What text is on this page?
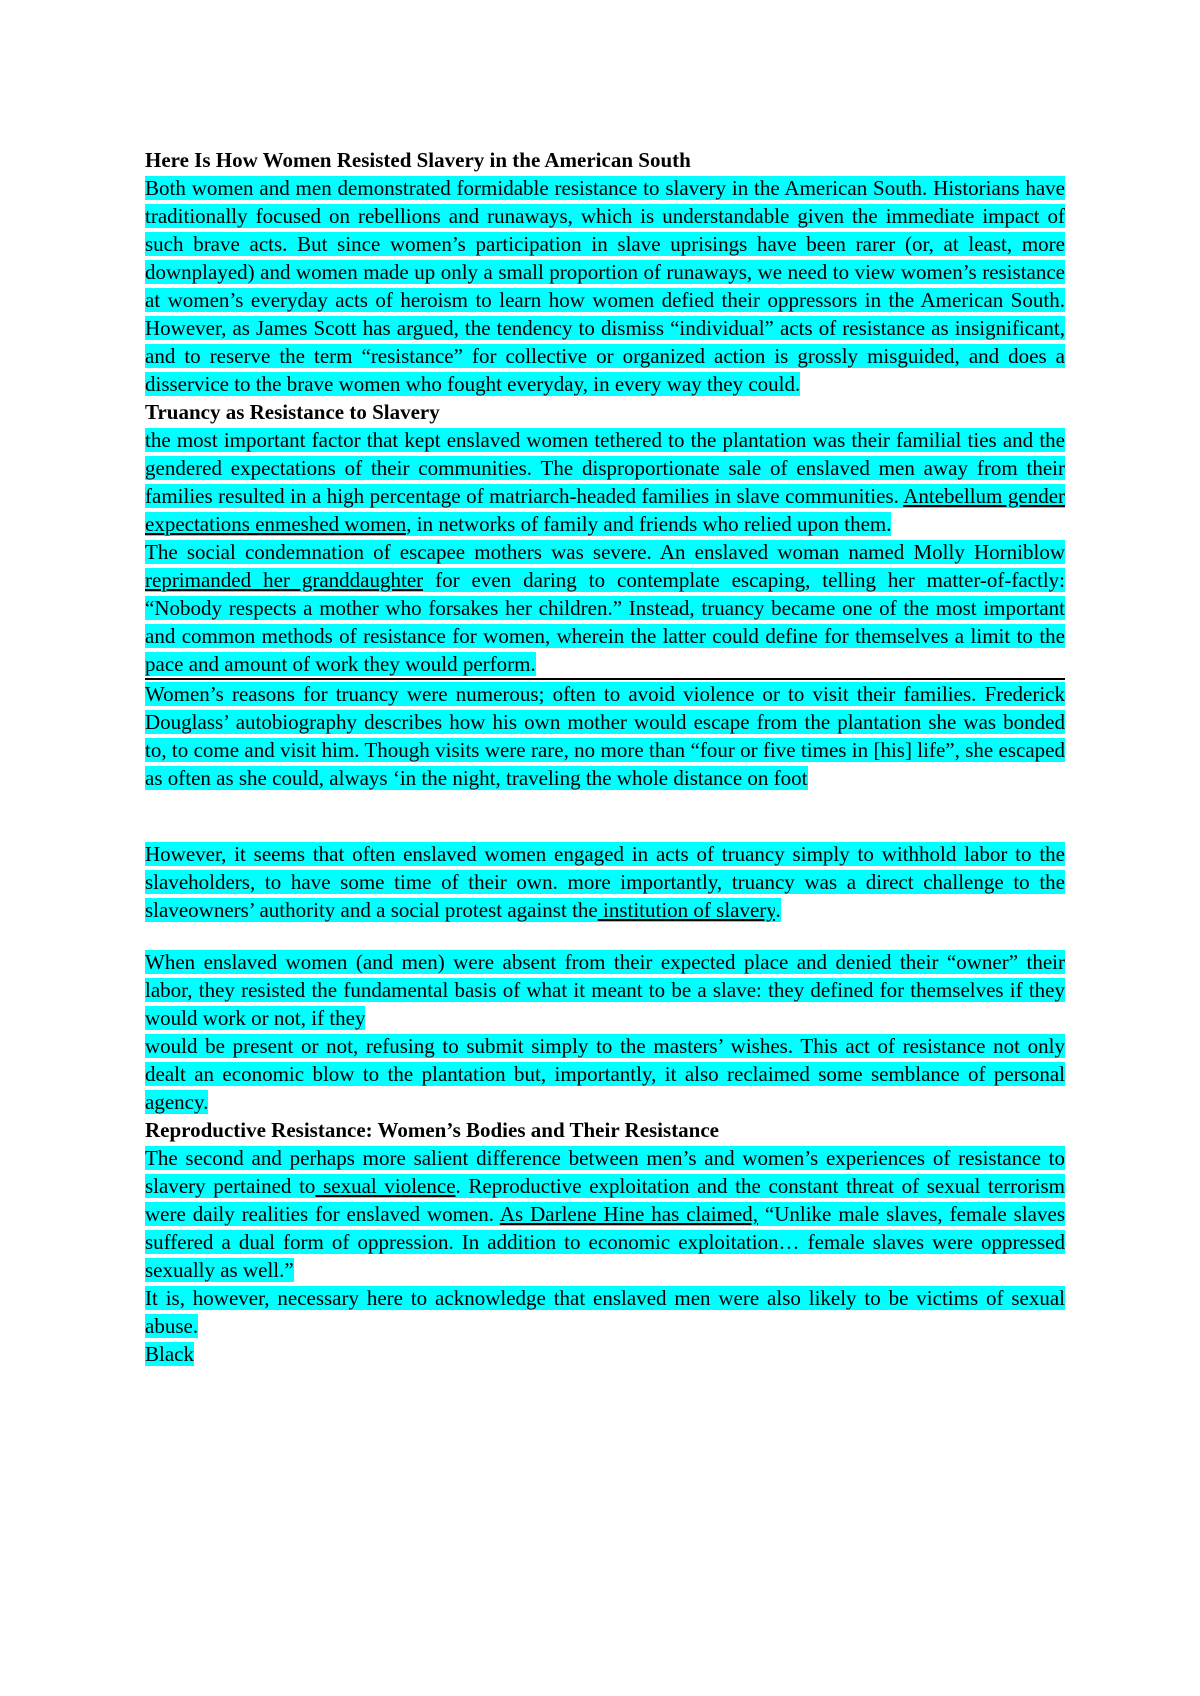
Here Is How Women Resisted Slavery in the American South

Both women and men demonstrated formidable resistance to slavery in the American South. Historians have traditionally focused on rebellions and runaways, which is understandable given the immediate impact of such brave acts. But since women’s participation in slave uprisings have been rarer (or, at least, more downplayed) and women made up only a small proportion of runaways, we need to view women’s resistance at women’s everyday acts of heroism to learn how women defied their oppressors in the American South. However, as James Scott has argued, the tendency to dismiss “individual” acts of resistance as insignificant, and to reserve the term “resistance” for collective or organized action is grossly misguided, and does a disservice to the brave women who fought everyday, in every way they could.

Truancy as Resistance to Slavery

the most important factor that kept enslaved women tethered to the plantation was their familial ties and the gendered expectations of their communities. The disproportionate sale of enslaved men away from their families resulted in a high percentage of matriarch-headed families in slave communities. Antebellum gender expectations enmeshed women, in networks of family and friends who relied upon them.

The social condemnation of escapee mothers was severe. An enslaved woman named Molly Horniblow reprimanded her granddaughter for even daring to contemplate escaping, telling her matter-of-factly: “Nobody respects a mother who forsakes her children.” Instead, truancy became one of the most important and common methods of resistance for women, wherein the latter could define for themselves a limit to the pace and amount of work they would perform.

Women’s reasons for truancy were numerous; often to avoid violence or to visit their families. Frederick Douglass’ autobiography describes how his own mother would escape from the plantation she was bonded to, to come and visit him. Though visits were rare, no more than “four or five times in [his] life”, she escaped as often as she could, always ‘in the night, traveling the whole distance on foot

However, it seems that often enslaved women engaged in acts of truancy simply to withhold labor to the slaveholders, to have some time of their own. more importantly, truancy was a direct challenge to the slaveowners’ authority and a social protest against the institution of slavery.

When enslaved women (and men) were absent from their expected place and denied their “owner” their labor, they resisted the fundamental basis of what it meant to be a slave: they defined for themselves if they would work or not, if they

would be present or not, refusing to submit simply to the masters’ wishes. This act of resistance not only dealt an economic blow to the plantation but, importantly, it also reclaimed some semblance of personal agency.

Reproductive Resistance: Women’s Bodies and Their Resistance

The second and perhaps more salient difference between men’s and women’s experiences of resistance to slavery pertained to sexual violence. Reproductive exploitation and the constant threat of sexual terrorism were daily realities for enslaved women. As Darlene Hine has claimed, “Unlike male slaves, female slaves suffered a dual form of oppression. In addition to economic exploitation… female slaves were oppressed sexually as well.”

It is, however, necessary here to acknowledge that enslaved men were also likely to be victims of sexual abuse.

Black
